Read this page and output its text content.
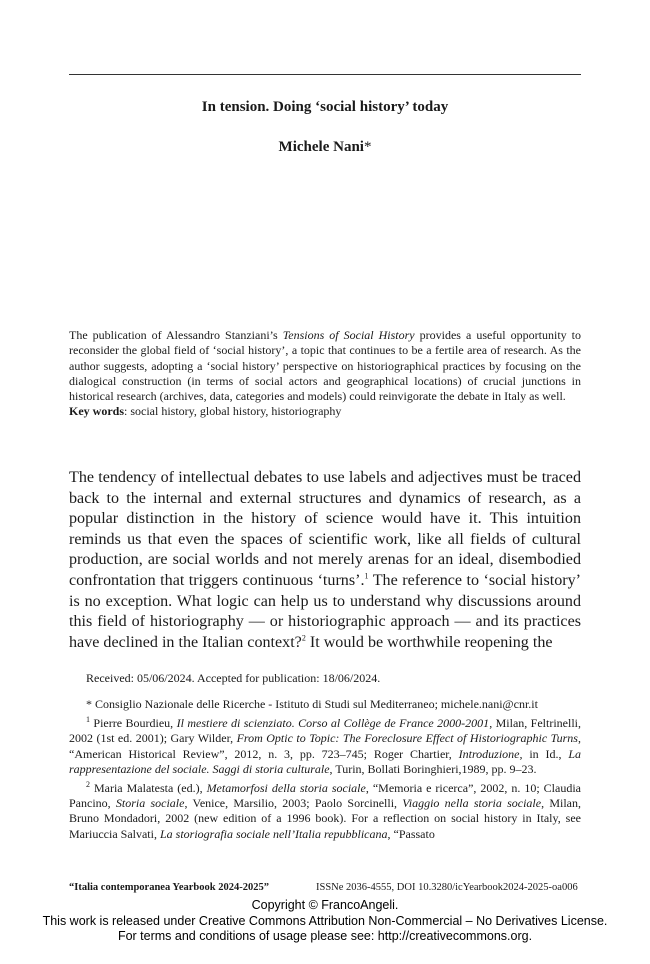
In tension. Doing ‘social history’ today
Michele Nani*

The publication of Alessandro Stanziani’s Tensions of Social History provides a useful opportunity to reconsider the global field of ‘social history’, a topic that continues to be a fertile area of research. As the author suggests, adopting a ‘social history’ perspective on historiographical practices by focusing on the dialogical construction (in terms of social actors and geographical locations) of crucial junctions in historical research (archives, data, categories and models) could reinvigorate the debate in Italy as well.

Key words: social history, global history, historiography

The tendency of intellectual debates to use labels and adjectives must be traced back to the internal and external structures and dynamics of research, as a popular distinction in the history of science would have it. This intuition reminds us that even the spaces of scientific work, like all fields of cultural production, are social worlds and not merely arenas for an ideal, disembodied confrontation that triggers continuous ‘turns’.$^1$ The reference to ‘social history’ is no exception. What logic can help us to understand why discussions around this field of historiography — or historiographic approach — and its practices have declined in the Italian context?$^2$ It would be worthwhile reopening the

Received: 05/06/2024. Accepted for publication: 18/06/2024.

* Consiglio Nazionale delle Ricerche - Istituto di Studi sul Mediterraneo; michele.nani@cnr.it

$^1$ Pierre Bourdieu, Il mestiere di scienziato. Corso al Collège de France 2000-2001, Milan, Feltrinelli, 2002 (1st ed. 2001); Gary Wilder, From Optic to Topic: The Foreclosure Effect of Historiographic Turns, “American Historical Review”, 2012, n. 3, pp. 723–745; Roger Chartier, Introduzione, in Id., La rappresentazione del sociale. Saggi di storia culturale, Turin, Bollati Boringhieri,1989, pp. 9–23.

$^2$ Maria Malatesta (ed.), Metamorfosi della storia sociale, “Memoria e ricerca”, 2002, n. 10; Claudia Pancino, Storia sociale, Venice, Marsilio, 2003; Paolo Sorcinelli, Viaggio nella storia sociale, Milan, Bruno Mondadori, 2002 (new edition of a 1996 book). For a reflection on social history in Italy, see Mariuccia Salvati, La storiografia sociale nell’Italia repubblicana, “Passato

“Italia contemporanea Yearbook 2024-2025”	ISSNe 2036-4555, DOI 10.3280/icYearbook2024-2025-oa006
Copyright © FrancoAngeli.
This work is released under Creative Commons Attribution Non-Commercial – No Derivatives License.
For terms and conditions of usage please see: http://creativecommons.org.
